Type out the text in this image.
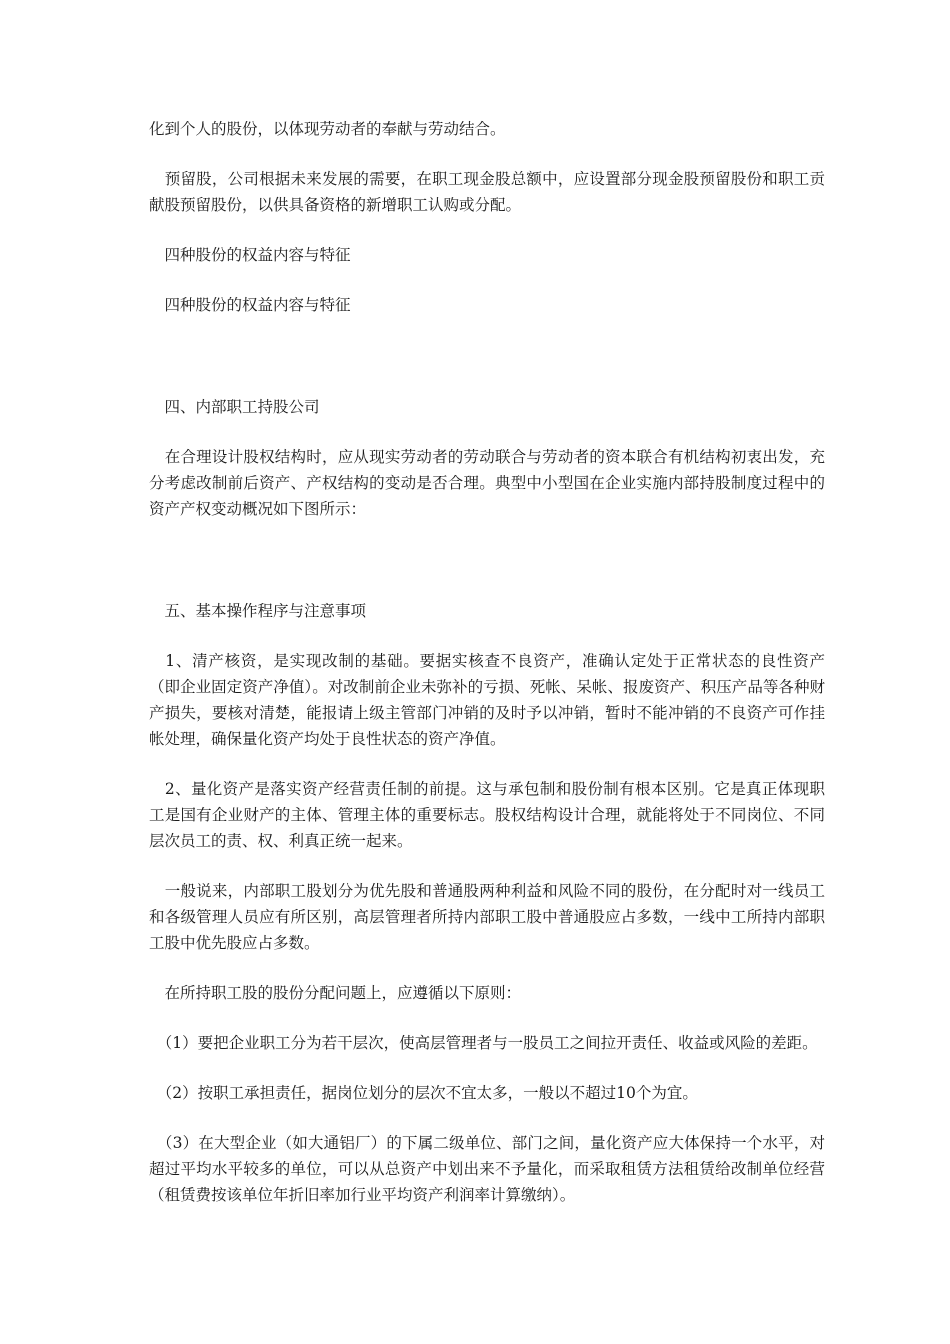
化到个人的股份，以体现劳动者的奉献与劳动结合。

　预留股，公司根据未来发展的需要，在职工现金股总额中，应设置部分现金股预留股份和职工贡献股预留股份，以供具备资格的新增职工认购或分配。

　四种股份的权益内容与特征

　四种股份的权益内容与特征

　四、内部职工持股公司

　在合理设计股权结构时，应从现实劳动者的劳动联合与劳动者的资本联合有机结构初衷出发，充分考虑改制前后资产、产权结构的变动是否合理。典型中小型国在企业实施内部持股制度过程中的资产产权变动概况如下图所示：

　五、基本操作程序与注意事项

　1、清产核资，是实现改制的基础。要据实核查不良资产，准确认定处于正常状态的良性资产（即企业固定资产净值）。对改制前企业未弥补的亏损、死帐、呆帐、报废资产、积压产品等各种财产损失，要核对清楚，能报请上级主管部门冲销的及时予以冲销，暂时不能冲销的不良资产可作挂帐处理，确保量化资产均处于良性状态的资产净值。

　2、量化资产是落实资产经营责任制的前提。这与承包制和股份制有根本区别。它是真正体现职工是国有企业财产的主体、管理主体的重要标志。股权结构设计合理，就能将处于不同岗位、不同层次员工的责、权、利真正统一起来。

　一般说来，内部职工股划分为优先股和普通股两种利益和风险不同的股份，在分配时对一线员工和各级管理人员应有所区别，高层管理者所持内部职工股中普通股应占多数，一线中工所持内部职工股中优先股应占多数。

　在所持职工股的股份分配问题上，应遵循以下原则：

　（1）要把企业职工分为若干层次，使高层管理者与一股员工之间拉开责任、收益或风险的差距。

　（2）按职工承担责任，据岗位划分的层次不宜太多，一般以不超过10个为宜。

　（3）在大型企业（如大通铝厂）的下属二级单位、部门之间，量化资产应大体保持一个水平，对超过平均水平较多的单位，可以从总资产中划出来不予量化，而采取租赁方法租赁给改制单位经营（租赁费按该单位年折旧率加行业平均资产利润率计算缴纳）。
